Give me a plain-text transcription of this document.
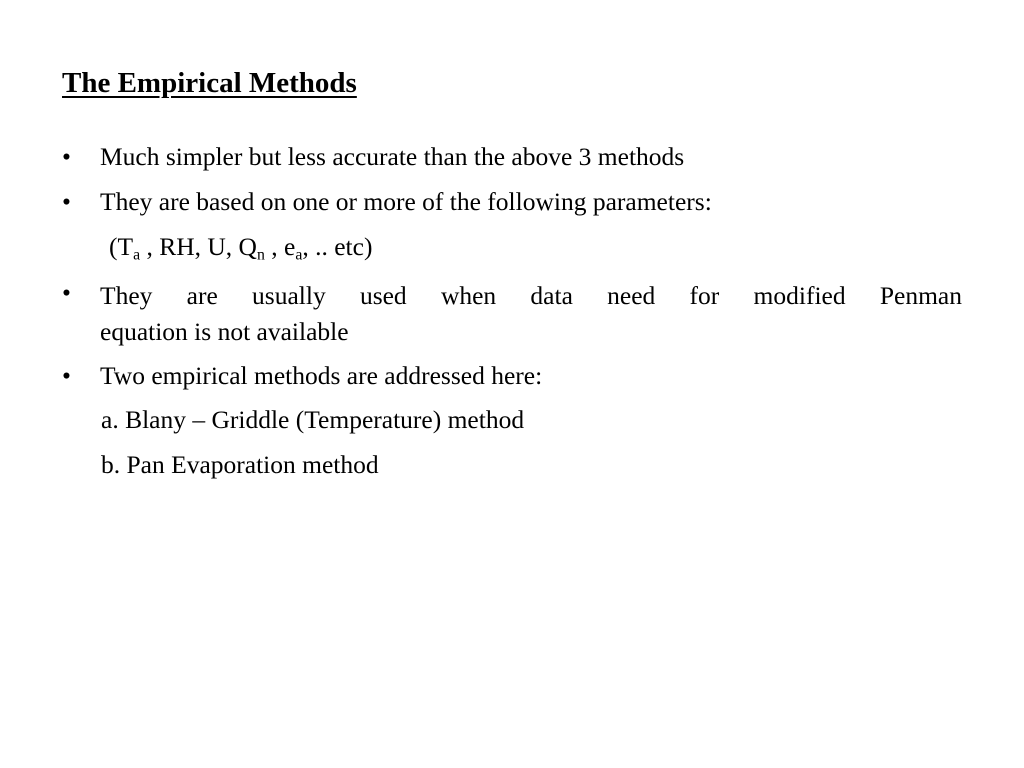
The Empirical Methods
•	Much simpler but less accurate than the above 3 methods
•	They are based on one or more of the following parameters:
($T_a$ , RH, U, $Q_n$ , $e_a$, .. etc)
•	They are usually used when data need for modified Penman
equation is not available
•	Two empirical methods are addressed here:
a. Blany – Griddle (Temperature) method
b. Pan Evaporation method
